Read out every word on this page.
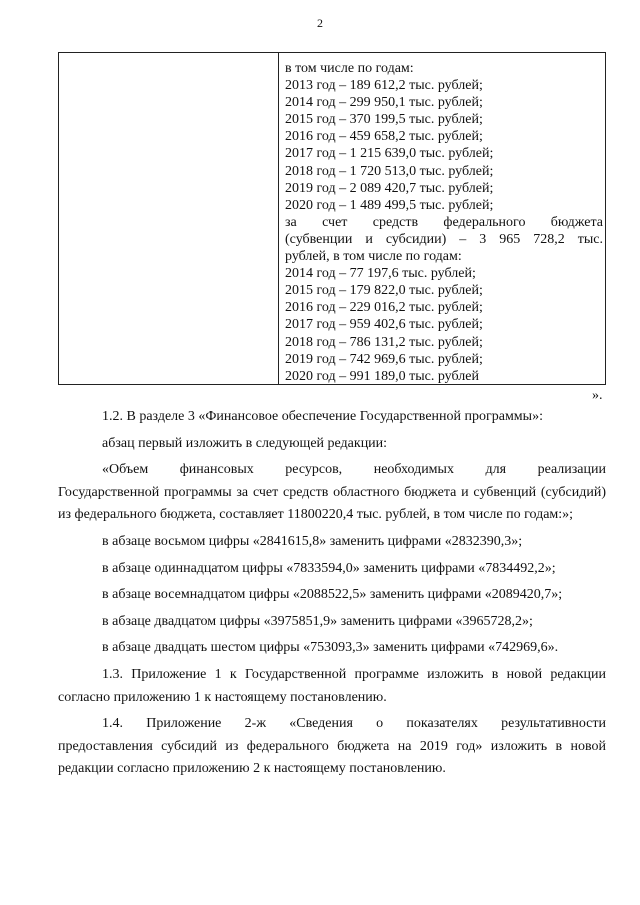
2
в том числе по годам:
2013 год – 189 612,2 тыс. рублей;
2014 год – 299 950,1 тыс. рублей;
2015 год – 370 199,5 тыс. рублей;
2016 год – 459 658,2 тыс. рублей;
2017 год – 1 215 639,0 тыс. рублей;
2018 год – 1 720 513,0 тыс. рублей;
2019 год – 2 089 420,7 тыс. рублей;
2020 год – 1 489 499,5 тыс. рублей;
за счет средств федерального бюджета
(субвенции и субсидии) – 3 965 728,2 тыс.
рублей, в том числе по годам:
2014 год – 77 197,6 тыс. рублей;
2015 год – 179 822,0 тыс. рублей;
2016 год – 229 016,2 тыс. рублей;
2017 год – 959 402,6 тыс. рублей;
2018 год – 786 131,2 тыс. рублей;
2019 год – 742 969,6 тыс. рублей;
2020 год – 991 189,0 тыс. рублей
».

1.2. В разделе 3 «Финансовое обеспечение Государственной программы»:

абзац первый изложить в следующей редакции:

«Объем финансовых ресурсов, необходимых для реализации

Государственной программы за счет средств областного бюджета и субвенций (субсидий) из федерального бюджета, составляет 11800220,4 тыс. рублей, в том числе по годам:»;

в абзаце восьмом цифры «2841615,8» заменить цифрами «2832390,3»;

в абзаце одиннадцатом цифры «7833594,0» заменить цифрами «7834492,2»;

в абзаце восемнадцатом цифры «2088522,5» заменить цифрами «2089420,7»;

в абзаце двадцатом цифры «3975851,9» заменить цифрами «3965728,2»;

в абзаце двадцать шестом цифры «753093,3» заменить цифрами «742969,6».

1.3. Приложение 1 к Государственной программе изложить в новой редакции

согласно приложению 1 к настоящему постановлению.

1.4. Приложение 2-ж «Сведения о показателях результативности

предоставления субсидий из федерального бюджета на 2019 год» изложить в новой редакции согласно приложению 2 к настоящему постановлению.
